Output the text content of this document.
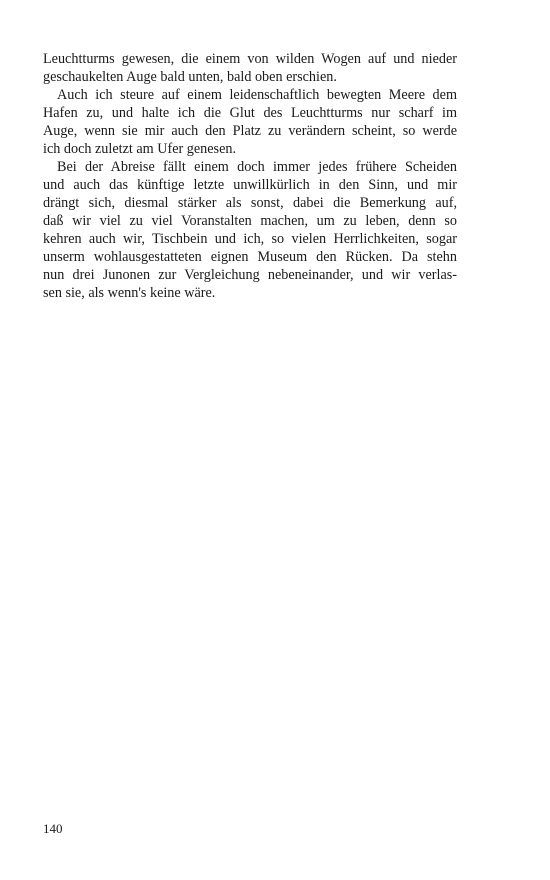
Leuchtturms gewesen, die einem von wilden Wogen auf und nieder
geschaukelten Auge bald unten, bald oben erschien.
Auch ich steure auf einem leidenschaftlich bewegten Meere dem
Hafen zu, und halte ich die Glut des Leuchtturms nur scharf im
Auge, wenn sie mir auch den Platz zu verändern scheint, so werde
ich doch zuletzt am Ufer genesen.
Bei der Abreise fällt einem doch immer jedes frühere Scheiden
und auch das künftige letzte unwillkürlich in den Sinn, und mir
drängt sich, diesmal stärker als sonst, dabei die Bemerkung auf,
daß wir viel zu viel Voranstalten machen, um zu leben, denn so
kehren auch wir, Tischbein und ich, so vielen Herrlichkeiten, sogar
unserm wohlausgestatteten eignen Museum den Rücken. Da stehn
nun drei Junonen zur Vergleichung nebeneinander, und wir verlas-
sen sie, als wenn's keine wäre.
140
